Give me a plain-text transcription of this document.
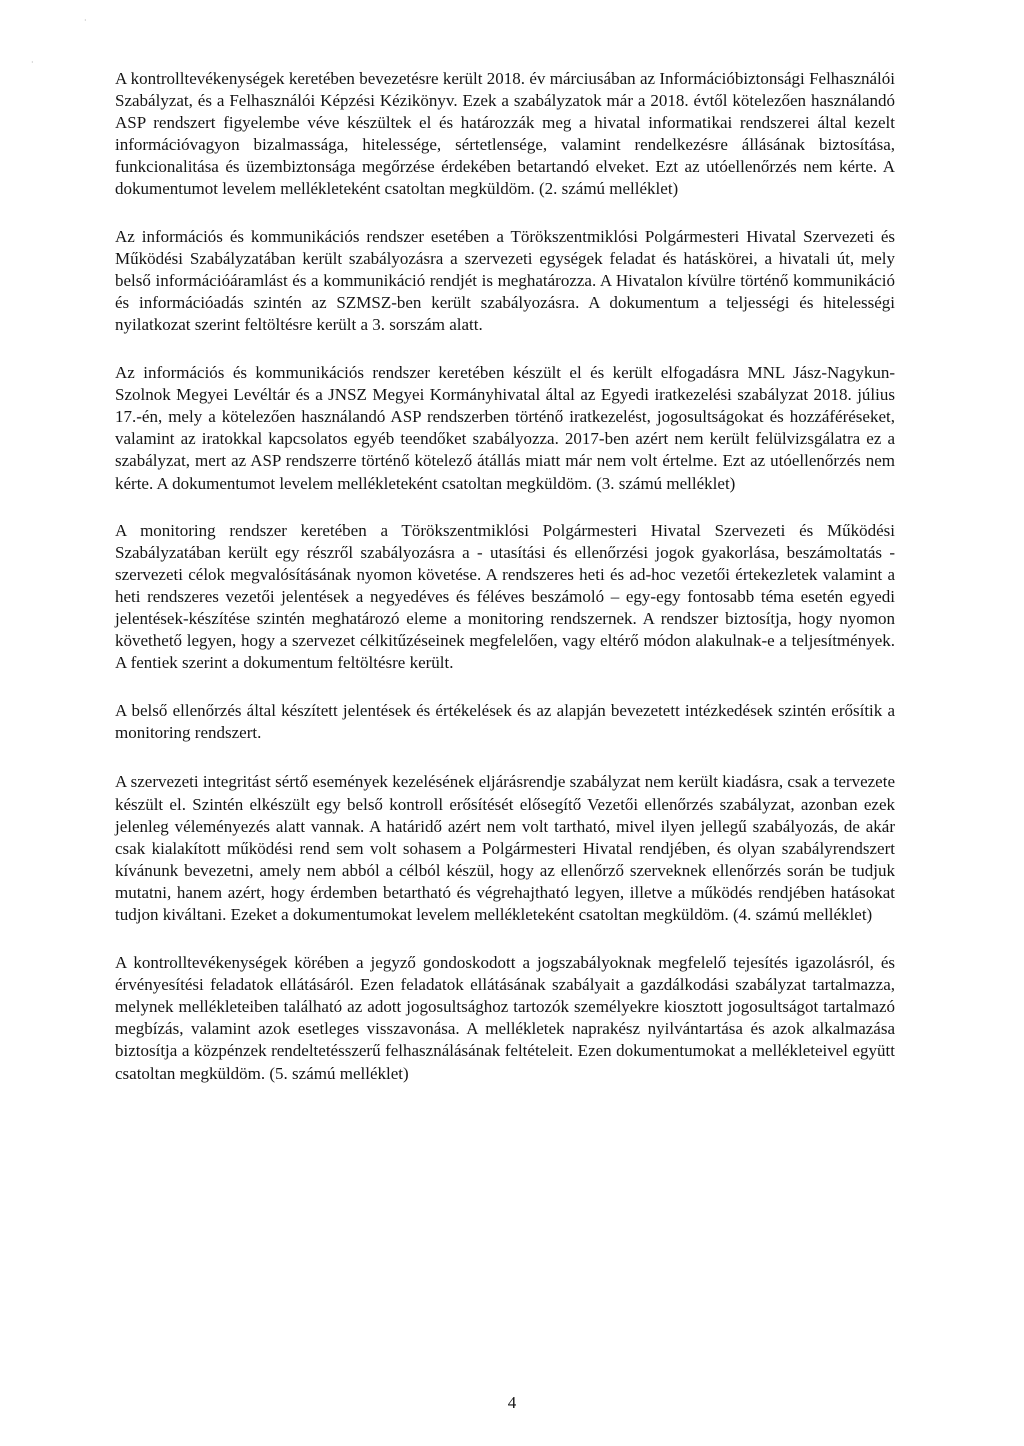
·
·

A kontrolltevékenységek keretében bevezetésre került 2018. év márciusában az Információbiztonsági Felhasználói Szabályzat, és a Felhasználói Képzési Kézikönyv. Ezek a szabályzatok már a 2018. évtől kötelezően használandó ASP rendszert figyelembe véve készültek el és határozzák meg a hivatal informatikai rendszerei által kezelt információvagyon bizalmassága, hitelessége, sértetlensége, valamint rendelkezésre állásának biztosítása, funkcionalitása és üzembiztonsága megőrzése érdekében betartandó elveket. Ezt az utóellenőrzés nem kérte. A dokumentumot levelem mellékleteként csatoltan megküldöm. (2. számú melléklet)

Az információs és kommunikációs rendszer esetében a Törökszentmiklósi Polgármesteri Hivatal Szervezeti és Működési Szabályzatában került szabályozásra a szervezeti egységek feladat és hatáskörei, a hivatali út, mely belső információáramlást és a kommunikáció rendjét is meghatározza. A Hivatalon kívülre történő kommunikáció és információadás szintén az SZMSZ-ben került szabályozásra. A dokumentum a teljességi és hitelességi nyilatkozat szerint feltöltésre került a 3. sorszám alatt.

Az információs és kommunikációs rendszer keretében készült el és került elfogadásra MNL Jász-Nagykun-Szolnok Megyei Levéltár és a JNSZ Megyei Kormányhivatal által az Egyedi iratkezelési szabályzat 2018. július 17.-én, mely a kötelezően használandó ASP rendszerben történő iratkezelést, jogosultságokat és hozzáféréseket, valamint az iratokkal kapcsolatos egyéb teendőket szabályozza. 2017-ben azért nem került felülvizsgálatra ez a szabályzat, mert az ASP rendszerre történő kötelező átállás miatt már nem volt értelme. Ezt az utóellenőrzés nem kérte. A dokumentumot levelem mellékleteként csatoltan megküldöm. (3. számú melléklet)

A monitoring rendszer keretében a Törökszentmiklósi Polgármesteri Hivatal Szervezeti és Működési Szabályzatában került egy részről szabályozásra a - utasítási és ellenőrzési jogok gyakorlása, beszámoltatás - szervezeti célok megvalósításának nyomon követése. A rendszeres heti és ad-hoc vezetői értekezletek valamint a heti rendszeres vezetői jelentések a negyedéves és féléves beszámoló – egy-egy fontosabb téma esetén egyedi jelentések-készítése szintén meghatározó eleme a monitoring rendszernek. A rendszer biztosítja, hogy nyomon követhető legyen, hogy a szervezet célkitűzéseinek megfelelően, vagy eltérő módon alakulnak-e a teljesítmények. A fentiek szerint a dokumentum feltöltésre került.

A belső ellenőrzés által készített jelentések és értékelések és az alapján bevezetett intézkedések szintén erősítik a monitoring rendszert.

A szervezeti integritást sértő események kezelésének eljárásrendje szabályzat nem került kiadásra, csak a tervezete készült el. Szintén elkészült egy belső kontroll erősítését elősegítő Vezetői ellenőrzés szabályzat, azonban ezek jelenleg véleményezés alatt vannak. A határidő azért nem volt tartható, mivel ilyen jellegű szabályozás, de akár csak kialakított működési rend sem volt sohasem a Polgármesteri Hivatal rendjében, és olyan szabályrendszert kívánunk bevezetni, amely nem abból a célból készül, hogy az ellenőrző szerveknek ellenőrzés során be tudjuk mutatni, hanem azért, hogy érdemben betartható és végrehajtható legyen, illetve a működés rendjében hatásokat tudjon kiváltani. Ezeket a dokumentumokat levelem mellékleteként csatoltan megküldöm. (4. számú melléklet)

A kontrolltevékenységek körében a jegyző gondoskodott a jogszabályoknak megfelelő tejesítés igazolásról, és érvényesítési feladatok ellátásáról. Ezen feladatok ellátásának szabályait a gazdálkodási szabályzat tartalmazza, melynek mellékleteiben található az adott jogosultsághoz tartozók személyekre kiosztott jogosultságot tartalmazó megbízás, valamint azok esetleges visszavonása. A mellékletek naprakész nyilvántartása és azok alkalmazása biztosítja a közpénzek rendeltetésszerű felhasználásának feltételeit. Ezen dokumentumokat a mellékleteivel együtt csatoltan megküldöm. (5. számú melléklet)

4
